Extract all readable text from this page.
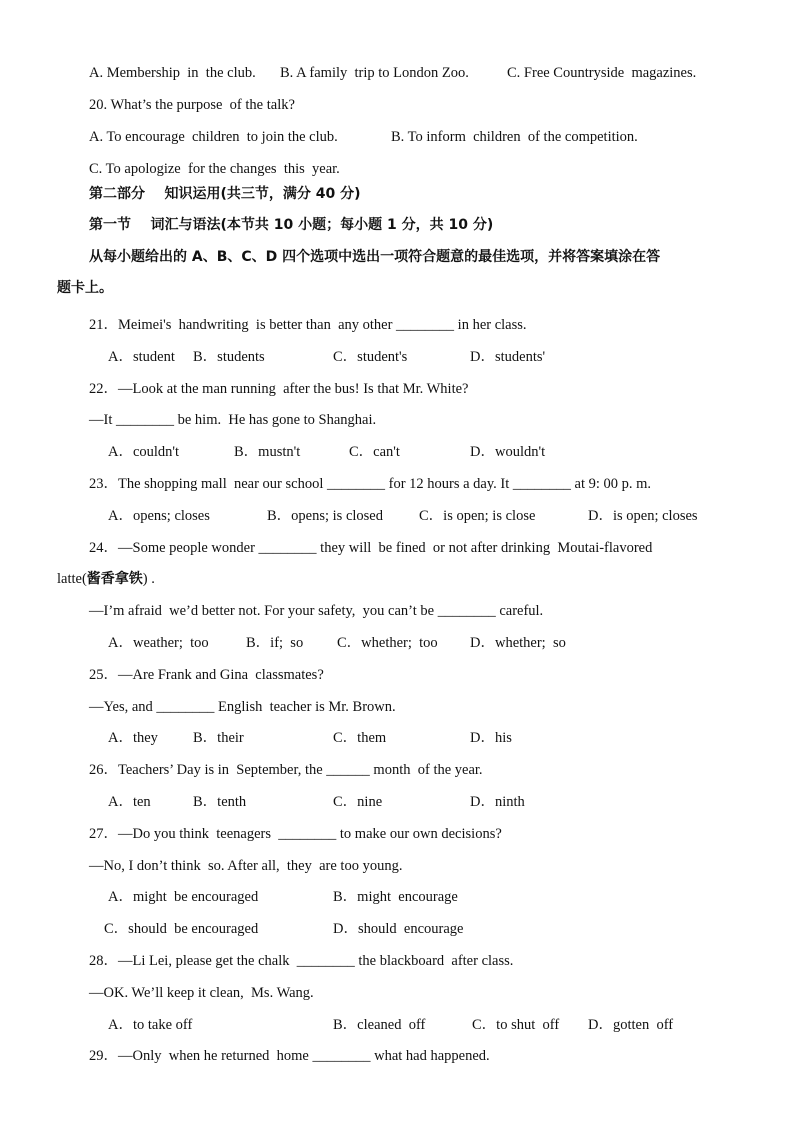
A. Membership  in  the club. B. A family  trip to London Zoo.	C. Free Countryside  magazines.
20. What’s the purpose  of the talk?
A. To encourage  children  to join the club.	B. To inform  children  of the competition.
C. To apologize  for the changes  this  year.
第二部分    知识运用(共三节，满分 40 分)
第一节    词汇与语法(本节共 10 小题；每小题 1 分，共 10 分)
从每小题给出的 A、B、C、D 四个选项中选出一项符合题意的最佳选项，并将答案填涂在答
题卡上。
21．Meimei's  handwriting  is better than  any other ________ in her class.
A．student B．students	C．student's	D．students'
22．—Look at the man running  after the bus! Is that Mr. White?
—It ________ be him.  He has gone to Shanghai.
A．couldn't	B．mustn't	C．can't	D．wouldn't
23．The shopping mall  near our school ________ for 12 hours a day. It ________ at 9: 00 p. m.
A．opens; closes	B．opens; is closed C．is open; is close	D．is open; closes
24．—Some people wonder ________ they will  be fined  or not after drinking  Moutai-flavored
latte(酱香拿铁) .
—I’m afraid  we’d better not. For your safety,  you can’t be ________ careful.
A．weather;  too	B．if;  so C．whether;  too D．whether;  so
25．—Are Frank and Gina  classmates?
—Yes, and ________ English  teacher is Mr. Brown.
A．they B．their	C．them	D．his
26．Teachers’ Day is in  September, the ______ month  of the year.
A．ten	B．tenth	C．nine	D．ninth
27．—Do you think  teenagers  ________ to make our own decisions?
—No, I don’t think  so. After all,  they  are too young.
A．might  be encouraged	B．might  encourage
C．should  be encouraged	D．should  encourage
28．—Li Lei, please get the chalk  ________ the blackboard  after class.
—OK. We’ll keep it clean,  Ms. Wang.
A．to take off	B．cleaned  off	C．to shut  off D．gotten  off
29．—Only  when he returned  home ________ what had happened.
